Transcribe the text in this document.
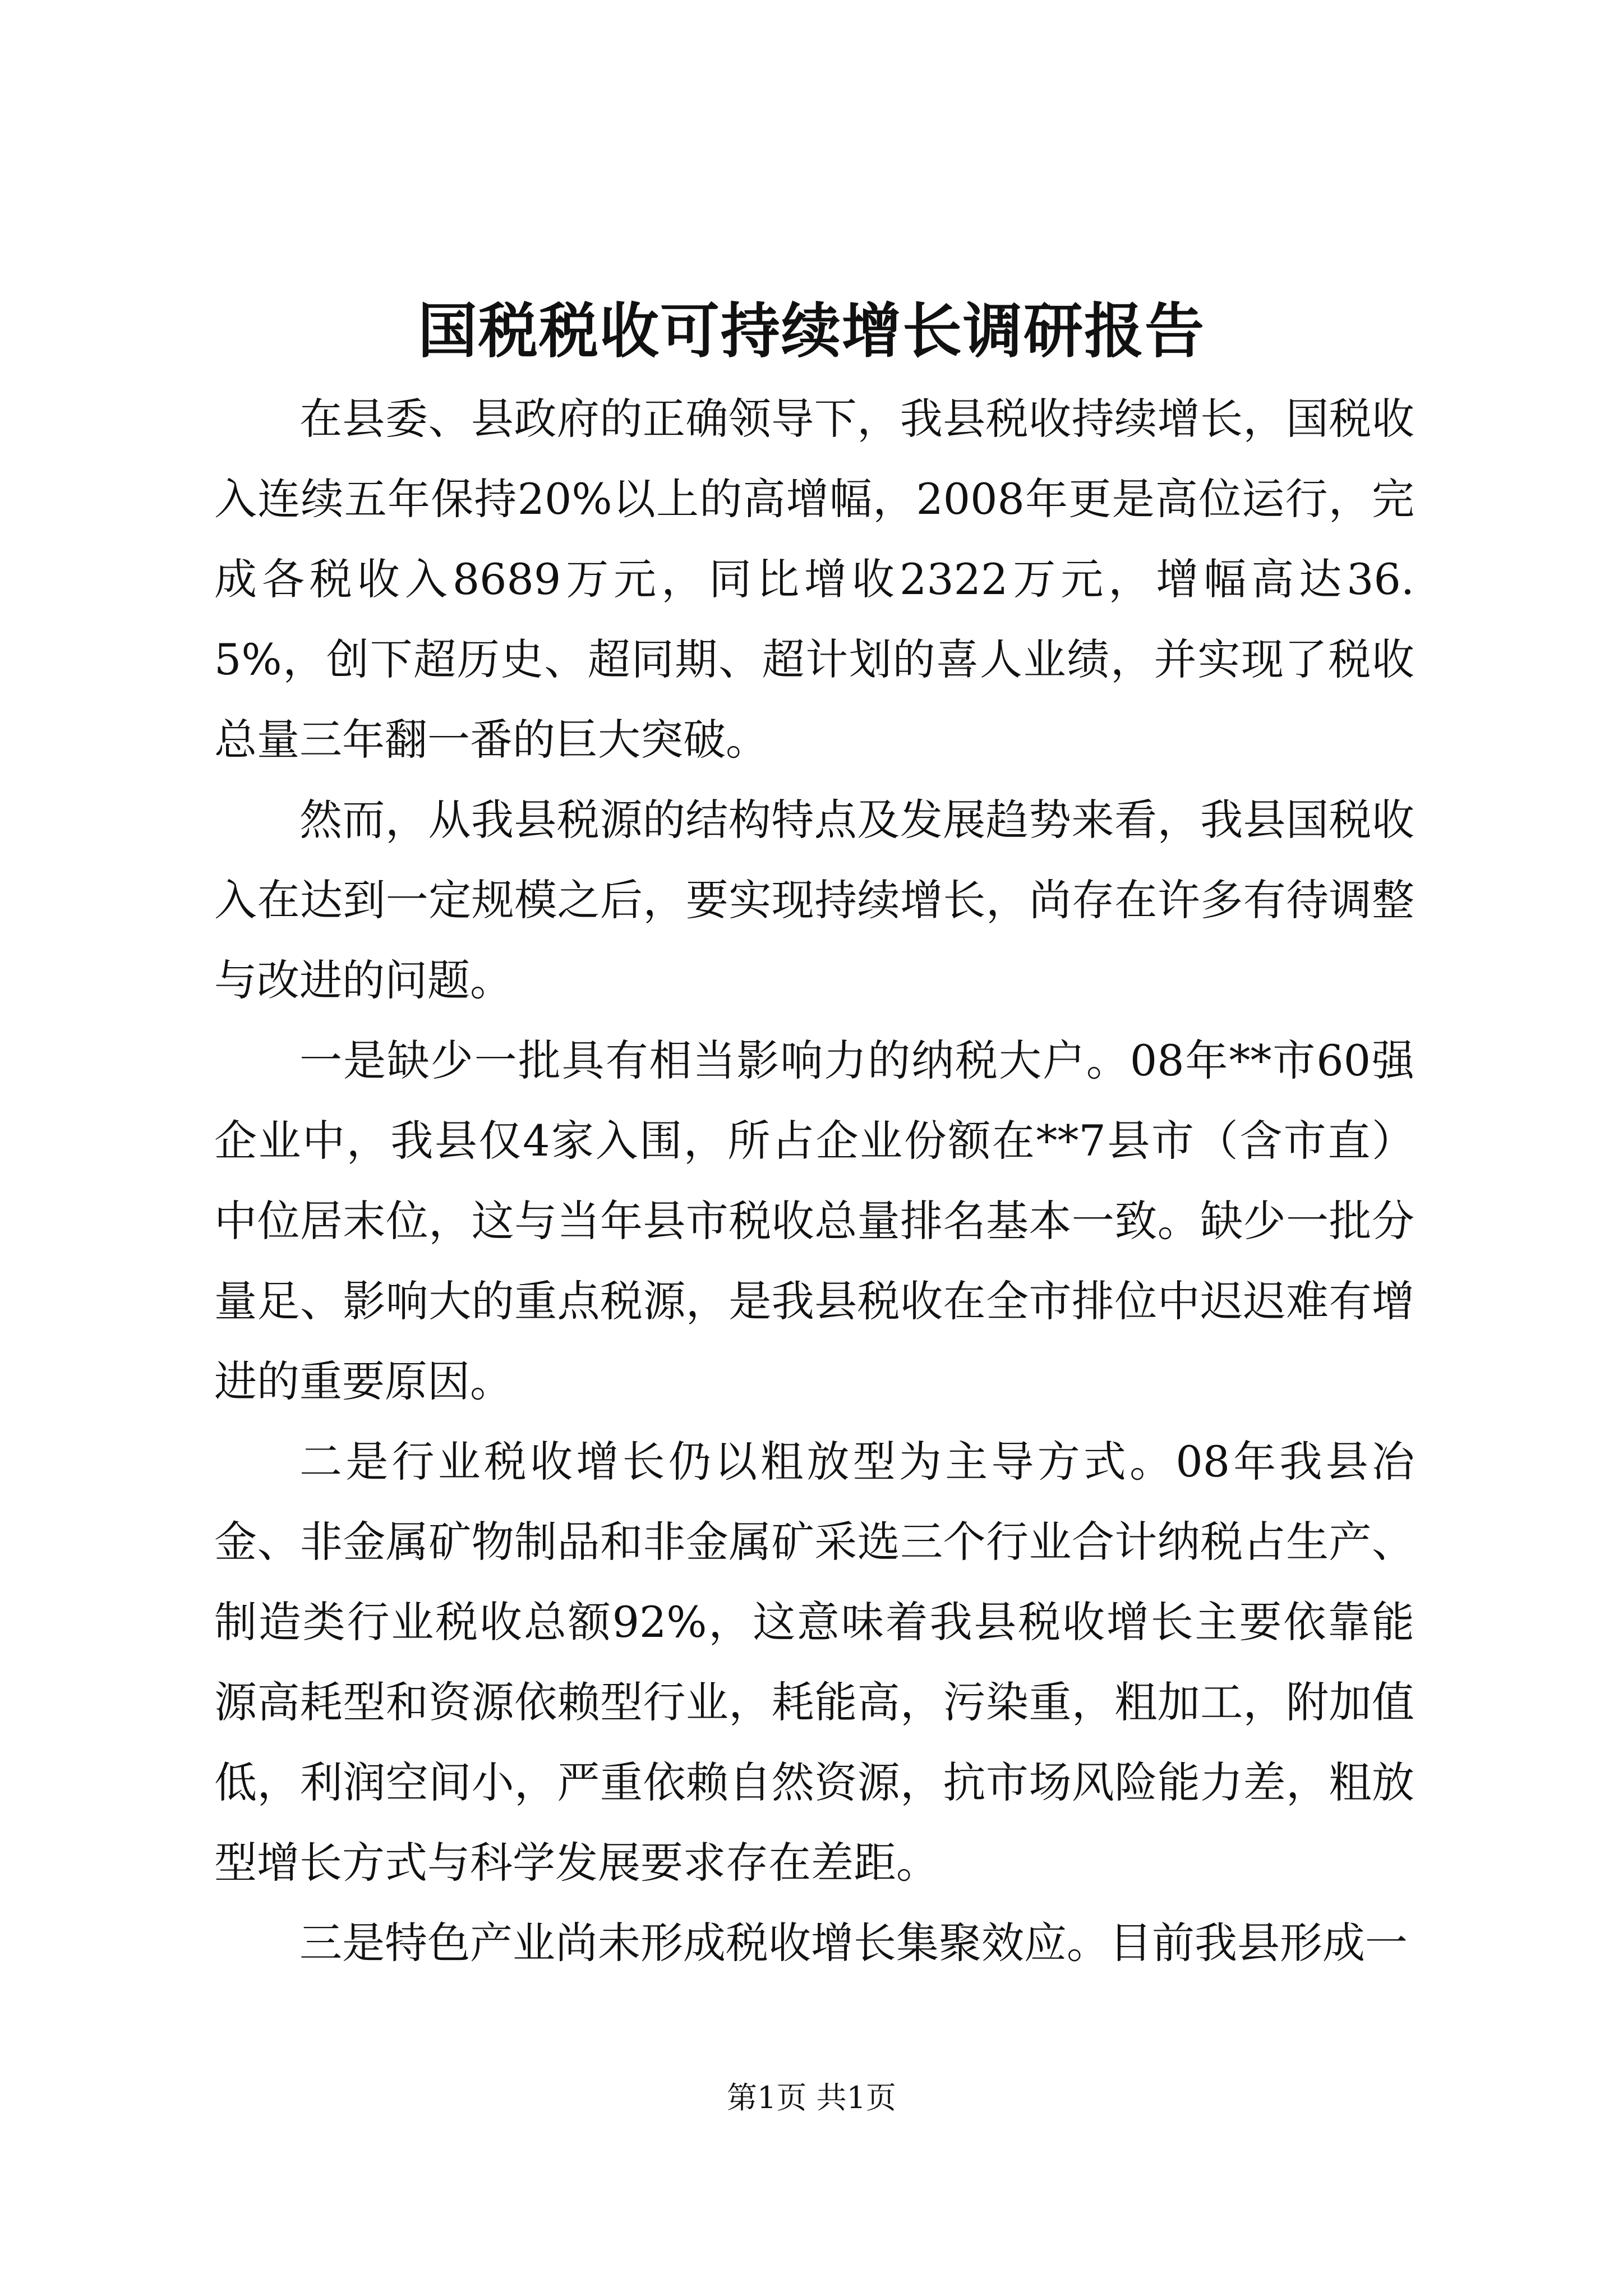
国税税收可持续增长调研报告

在县委、县政府的正确领导下，我县税收持续增长，国税收入连续五年保持20%以上的高增幅，2008年更是高位运行，完成各税收入8689万元，同比增收2322万元，增幅高达36.5%，创下超历史、超同期、超计划的喜人业绩，并实现了税收总量三年翻一番的巨大突破。

然而，从我县税源的结构特点及发展趋势来看，我县国税收入在达到一定规模之后，要实现持续增长，尚存在许多有待调整与改进的问题。

一是缺少一批具有相当影响力的纳税大户。08年**市60强企业中，我县仅4家入围，所占企业份额在**7县市（含市直）中位居末位，这与当年县市税收总量排名基本一致。缺少一批分量足、影响大的重点税源，是我县税收在全市排位中迟迟难有增进的重要原因。

二是行业税收增长仍以粗放型为主导方式。08年我县冶金、非金属矿物制品和非金属矿采选三个行业合计纳税占生产、制造类行业税收总额92%，这意味着我县税收增长主要依靠能源高耗型和资源依赖型行业，耗能高，污染重，粗加工，附加值低，利润空间小，严重依赖自然资源，抗市场风险能力差，粗放型增长方式与科学发展要求存在差距。

三是特色产业尚未形成税收增长集聚效应。目前我县形成一

第1页 共1页
